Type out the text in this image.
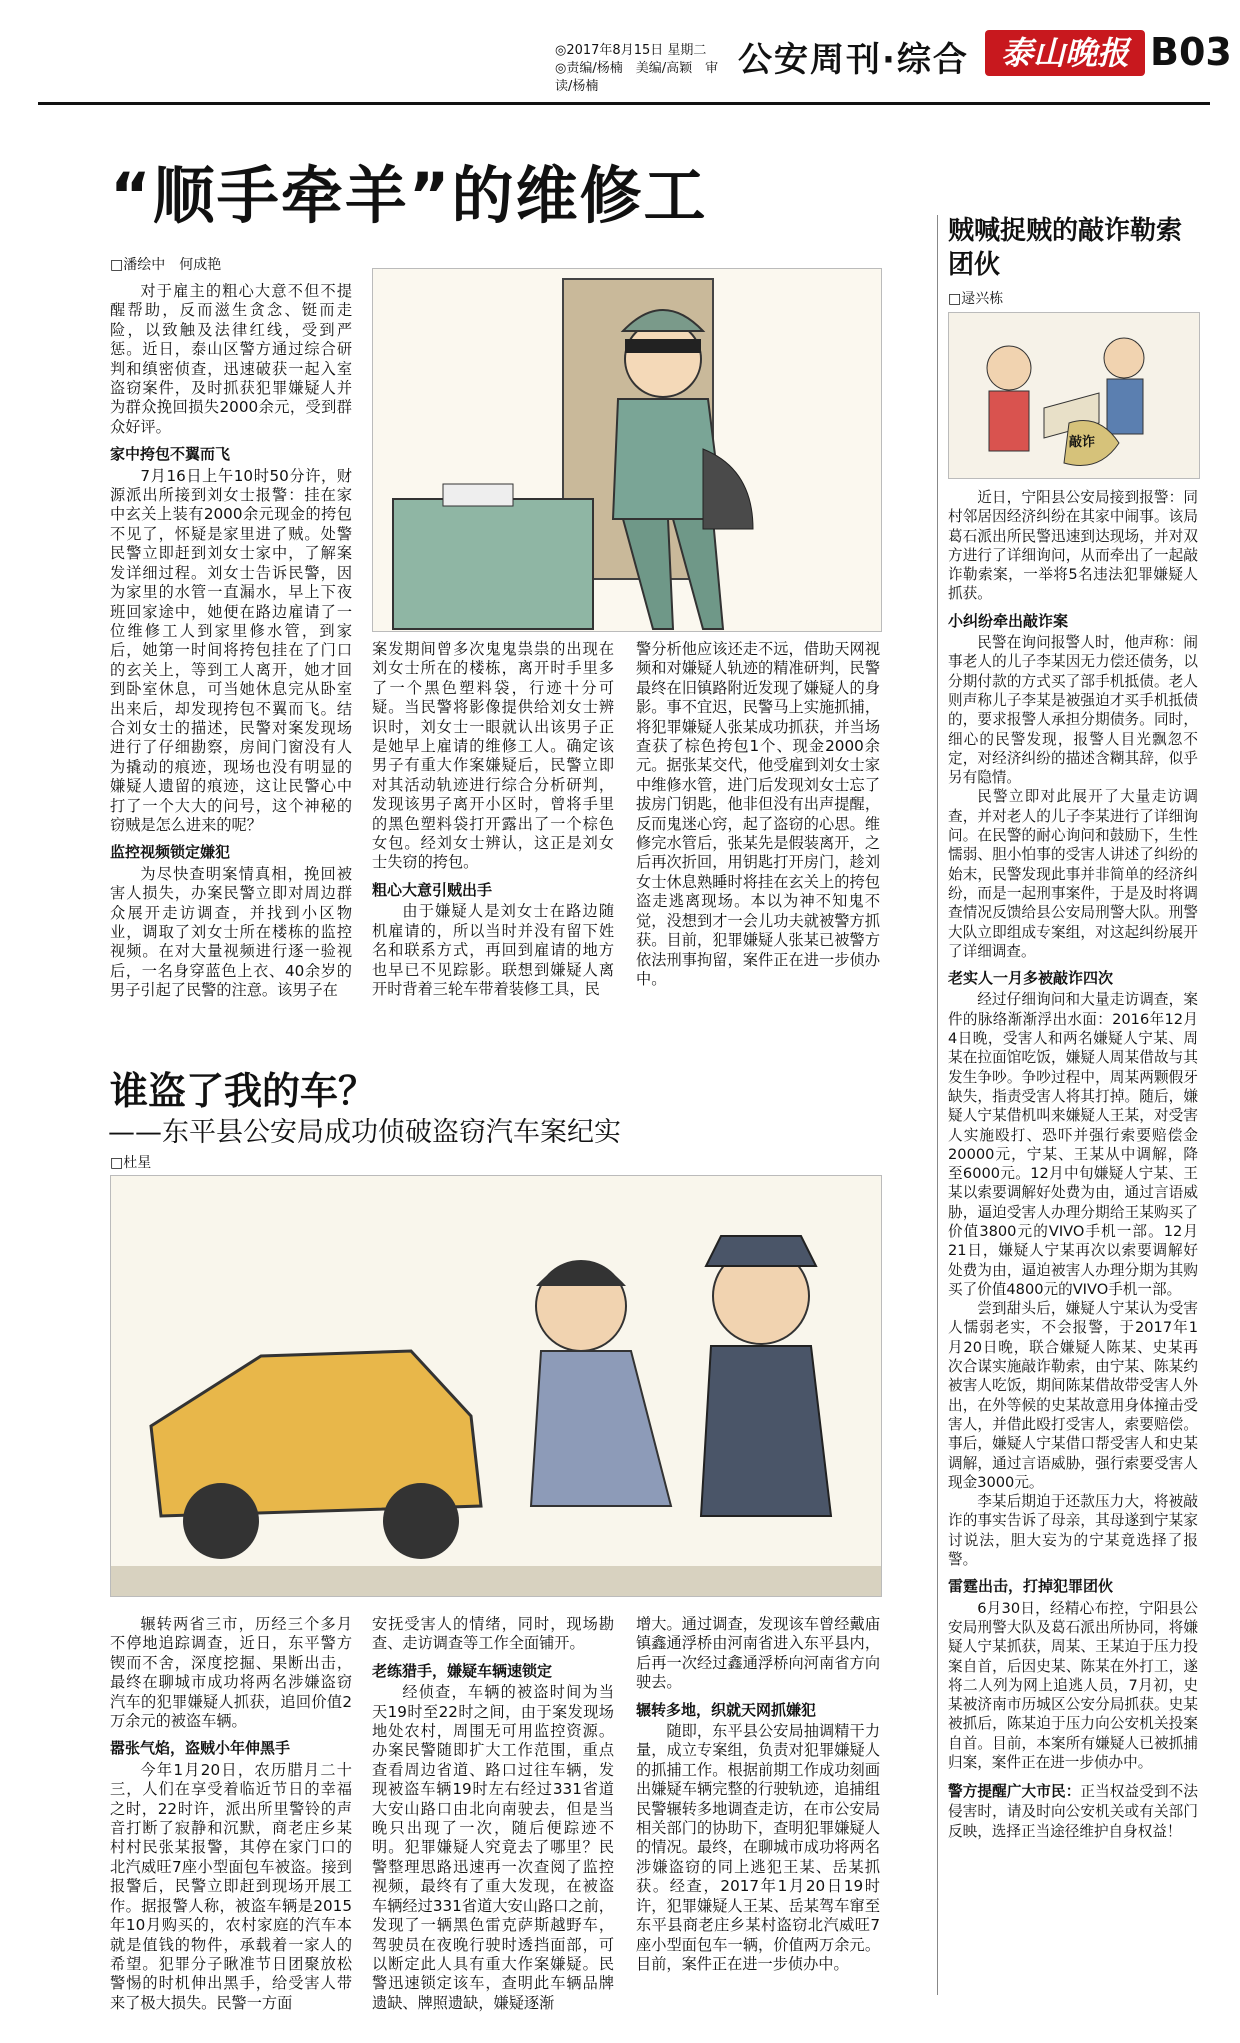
◎2017年8月15日 星期二
◎责编/杨楠　美编/高颖　审读/杨楠
公安周刊·综合	泰山晚报 B03
“顺手牵羊”的维修工
□潘绘中　何成艳

对于雇主的粗心大意不但不提醒帮助，反而滋生贪念、铤而走险，以致触及法律红线，受到严惩。近日，泰山区警方通过综合研判和缜密侦查，迅速破获一起入室盗窃案件，及时抓获犯罪嫌疑人并为群众挽回损失2000余元，受到群众好评。

家中挎包不翼而飞

7月16日上午10时50分许，财源派出所接到刘女士报警：挂在家中玄关上装有2000余元现金的挎包不见了，怀疑是家里进了贼。处警民警立即赶到刘女士家中，了解案发详细过程。刘女士告诉民警，因为家里的水管一直漏水，早上下夜班回家途中，她便在路边雇请了一位维修工人到家里修水管，到家后，她第一时间将挎包挂在了门口的玄关上，等到工人离开，她才回到卧室休息，可当她休息完从卧室出来后，却发现挎包不翼而飞。结合刘女士的描述，民警对案发现场进行了仔细勘察，房间门窗没有人为撬动的痕迹，现场也没有明显的嫌疑人遗留的痕迹，这让民警心中打了一个大大的问号，这个神秘的窃贼是怎么进来的呢？

监控视频锁定嫌犯

为尽快查明案情真相，挽回被害人损失，办案民警立即对周边群众展开走访调查，并找到小区物业，调取了刘女士所在楼栋的监控视频。在对大量视频进行逐一验视后，一名身穿蓝色上衣、40余岁的男子引起了民警的注意。该男子在

案发期间曾多次鬼鬼祟祟的出现在刘女士所在的楼栋，离开时手里多了一个黑色塑料袋，行迹十分可疑。当民警将影像提供给刘女士辨识时，刘女士一眼就认出该男子正是她早上雇请的维修工人。确定该男子有重大作案嫌疑后，民警立即对其活动轨迹进行综合分析研判，发现该男子离开小区时，曾将手里的黑色塑料袋打开露出了一个棕色女包。经刘女士辨认，这正是刘女士失窃的挎包。

粗心大意引贼出手

由于嫌疑人是刘女士在路边随机雇请的，所以当时并没有留下姓名和联系方式，再回到雇请的地方也早已不见踪影。联想到嫌疑人离开时背着三轮车带着装修工具，民

警分析他应该还走不远，借助天网视频和对嫌疑人轨迹的精准研判，民警最终在旧镇路附近发现了嫌疑人的身影。事不宜迟，民警马上实施抓捕，将犯罪嫌疑人张某成功抓获，并当场查获了棕色挎包1个、现金2000余元。据张某交代，他受雇到刘女士家中维修水管，进门后发现刘女士忘了拔房门钥匙，他非但没有出声提醒，反而鬼迷心窍，起了盗窃的心思。维修完水管后，张某先是假装离开，之后再次折回，用钥匙打开房门，趁刘女士休息熟睡时将挂在玄关上的挎包盗走逃离现场。本以为神不知鬼不觉，没想到才一会儿功夫就被警方抓获。目前，犯罪嫌疑人张某已被警方依法刑事拘留，案件正在进一步侦办中。

贼喊捉贼的敲诈勒索团伙
□逯兴栋
敲诈

近日，宁阳县公安局接到报警：同村邻居因经济纠纷在其家中闹事。该局葛石派出所民警迅速到达现场，并对双方进行了详细询问，从而牵出了一起敲诈勒索案，一举将5名违法犯罪嫌疑人抓获。

小纠纷牵出敲诈案

民警在询问报警人时，他声称：闹事老人的儿子李某因无力偿还债务，以分期付款的方式买了部手机抵债。老人则声称儿子李某是被强迫才买手机抵债的，要求报警人承担分期债务。同时，细心的民警发现，报警人目光飘忽不定，对经济纠纷的描述含糊其辞，似乎另有隐情。

民警立即对此展开了大量走访调查，并对老人的儿子李某进行了详细询问。在民警的耐心询问和鼓励下，生性懦弱、胆小怕事的受害人讲述了纠纷的始末，民警发现此事并非简单的经济纠纷，而是一起刑事案件，于是及时将调查情况反馈给县公安局刑警大队。刑警大队立即组成专案组，对这起纠纷展开了详细调查。

老实人一月多被敲诈四次

经过仔细询问和大量走访调查，案件的脉络渐渐浮出水面：2016年12月4日晚，受害人和两名嫌疑人宁某、周某在拉面馆吃饭，嫌疑人周某借故与其发生争吵。争吵过程中，周某两颗假牙缺失，指责受害人将其打掉。随后，嫌疑人宁某借机叫来嫌疑人王某，对受害人实施殴打、恐吓并强行索要赔偿金20000元，宁某、王某从中调解，降至6000元。12月中旬嫌疑人宁某、王某以索要调解好处费为由，通过言语威胁，逼迫受害人办理分期给王某购买了价值3800元的VIVO手机一部。12月21日，嫌疑人宁某再次以索要调解好处费为由，逼迫被害人办理分期为其购买了价值4800元的VIVO手机一部。

尝到甜头后，嫌疑人宁某认为受害人懦弱老实，不会报警，于2017年1月20日晚，联合嫌疑人陈某、史某再次合谋实施敲诈勒索，由宁某、陈某约被害人吃饭，期间陈某借故带受害人外出，在外等候的史某故意用身体撞击受害人，并借此殴打受害人，索要赔偿。事后，嫌疑人宁某借口帮受害人和史某调解，通过言语威胁，强行索要受害人现金3000元。

李某后期迫于还款压力大，将被敲诈的事实告诉了母亲，其母遂到宁某家讨说法，胆大妄为的宁某竟选择了报警。

雷霆出击，打掉犯罪团伙

6月30日，经精心布控，宁阳县公安局刑警大队及葛石派出所协同，将嫌疑人宁某抓获，周某、王某迫于压力投案自首，后因史某、陈某在外打工，遂将二人列为网上追逃人员，7月初，史某被济南市历城区公安分局抓获。史某被抓后，陈某迫于压力向公安机关投案自首。目前，本案所有嫌疑人已被抓捕归案，案件正在进一步侦办中。

警方提醒广大市民：正当权益受到不法侵害时，请及时向公安机关或有关部门反映，选择正当途径维护自身权益！
谁盗了我的车？
——东平县公安局成功侦破盗窃汽车案纪实
□杜星

辗转两省三市，历经三个多月不停地追踪调查，近日，东平警方锲而不舍，深度挖掘、果断出击，最终在聊城市成功将两名涉嫌盗窃汽车的犯罪嫌疑人抓获，追回价值2万余元的被盗车辆。

嚣张气焰，盗贼小年伸黑手

今年1月20日，农历腊月二十三，人们在享受着临近节日的幸福之时，22时许，派出所里警铃的声音打断了寂静和沉默，商老庄乡某村村民张某报警，其停在家门口的北汽威旺7座小型面包车被盗。接到报警后，民警立即赶到现场开展工作。据报警人称，被盗车辆是2015年10月购买的，农村家庭的汽车本就是值钱的物件，承载着一家人的希望。犯罪分子瞅准节日团聚放松警惕的时机伸出黑手，给受害人带来了极大损失。民警一方面

安抚受害人的情绪，同时，现场勘查、走访调查等工作全面铺开。

老练猎手，嫌疑车辆速锁定

经侦查，车辆的被盗时间为当天19时至22时之间，由于案发现场地处农村，周围无可用监控资源。办案民警随即扩大工作范围，重点查看周边省道、路口过往车辆，发现被盗车辆19时左右经过331省道大安山路口由北向南驶去，但是当晚只出现了一次，随后便踪迹不明。犯罪嫌疑人究竟去了哪里？民警整理思路迅速再一次查阅了监控视频，最终有了重大发现，在被盗车辆经过331省道大安山路口之前，发现了一辆黑色雷克萨斯越野车，驾驶员在夜晚行驶时透挡面部，可以断定此人具有重大作案嫌疑。民警迅速锁定该车，查明此车辆品牌遗缺、牌照遗缺，嫌疑逐渐

增大。通过调查，发现该车曾经戴庙镇鑫通浮桥由河南省进入东平县内，后再一次经过鑫通浮桥向河南省方向驶去。

辗转多地，织就天网抓嫌犯

随即，东平县公安局抽调精干力量，成立专案组，负责对犯罪嫌疑人的抓捕工作。根据前期工作成功刻画出嫌疑车辆完整的行驶轨迹，追捕组民警辗转多地调查走访，在市公安局相关部门的协助下，查明犯罪嫌疑人的情况。最终，在聊城市成功将两名涉嫌盗窃的同上逃犯王某、岳某抓获。经查，2017年1月20日19时许，犯罪嫌疑人王某、岳某驾车窜至东平县商老庄乡某村盗窃北汽威旺7座小型面包车一辆，价值两万余元。目前，案件正在进一步侦办中。
